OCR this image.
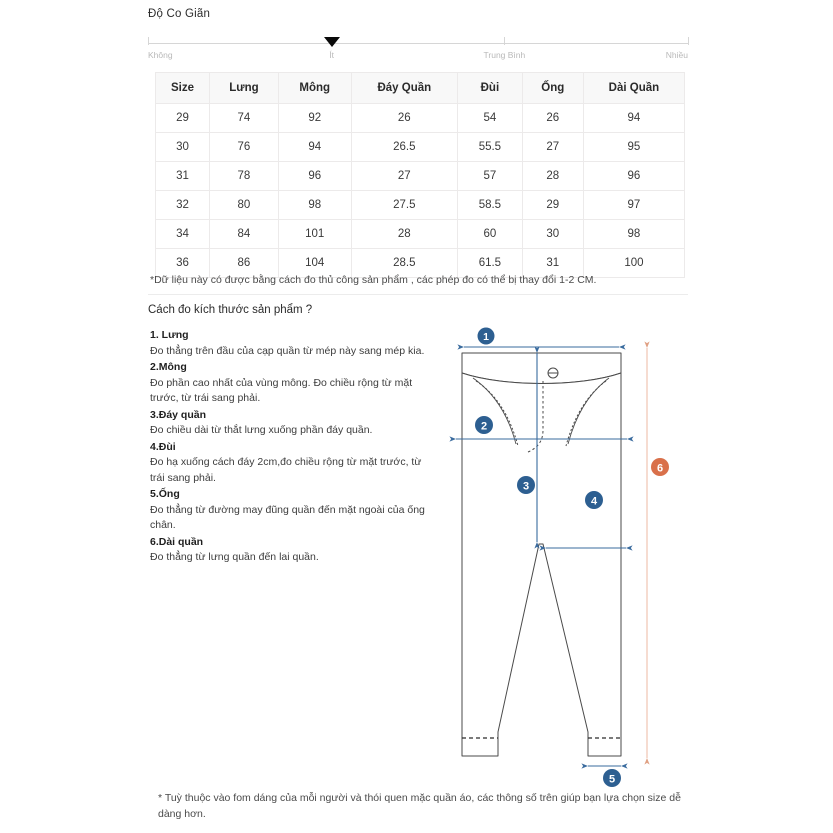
Độ Co Giãn
Không	Ít	Trung Bình	Nhiều
Size	Lưng	Mông	Đáy Quần	Đùi	Ống	Dài Quần
29	74	92	26	54	26	94
30	76	94	26.5	55.5	27	95
31	78	96	27	57	28	96
32	80	98	27.5	58.5	29	97
34	84	101	28	60	30	98
36	86	104	28.5	61.5	31	100
*Dữ liệu này có được bằng cách đo thủ công sản phẩm , các phép đo có thể bị thay đổi 1-2 CM.
Cách đo kích thước sản phẩm ?
1. Lưng
Đo thẳng trên đầu của cạp quần từ mép này sang mép kia.
2.Mông
Đo phần cao nhất của vùng mông. Đo chiều rộng từ mặt trước, từ trái sang phải.
3.Đáy quần
Đo chiều dài từ thắt lưng xuống phần đáy quần.
4.Đùi
Đo hạ xuống cách đáy 2cm,đo chiều rộng từ mặt trước, từ trái sang phải.
5.Ống
Đo thẳng từ đường may đũng quần đến mặt ngoài của ống chân.
6.Dài quần
Đo thẳng từ lưng quần đến lai quần.
1
2
3
4
5
6
* Tuỳ thuộc vào fom dáng của mỗi người và thói quen mặc quần áo, các thông số trên giúp bạn lựa chọn size dễ dàng hơn.
